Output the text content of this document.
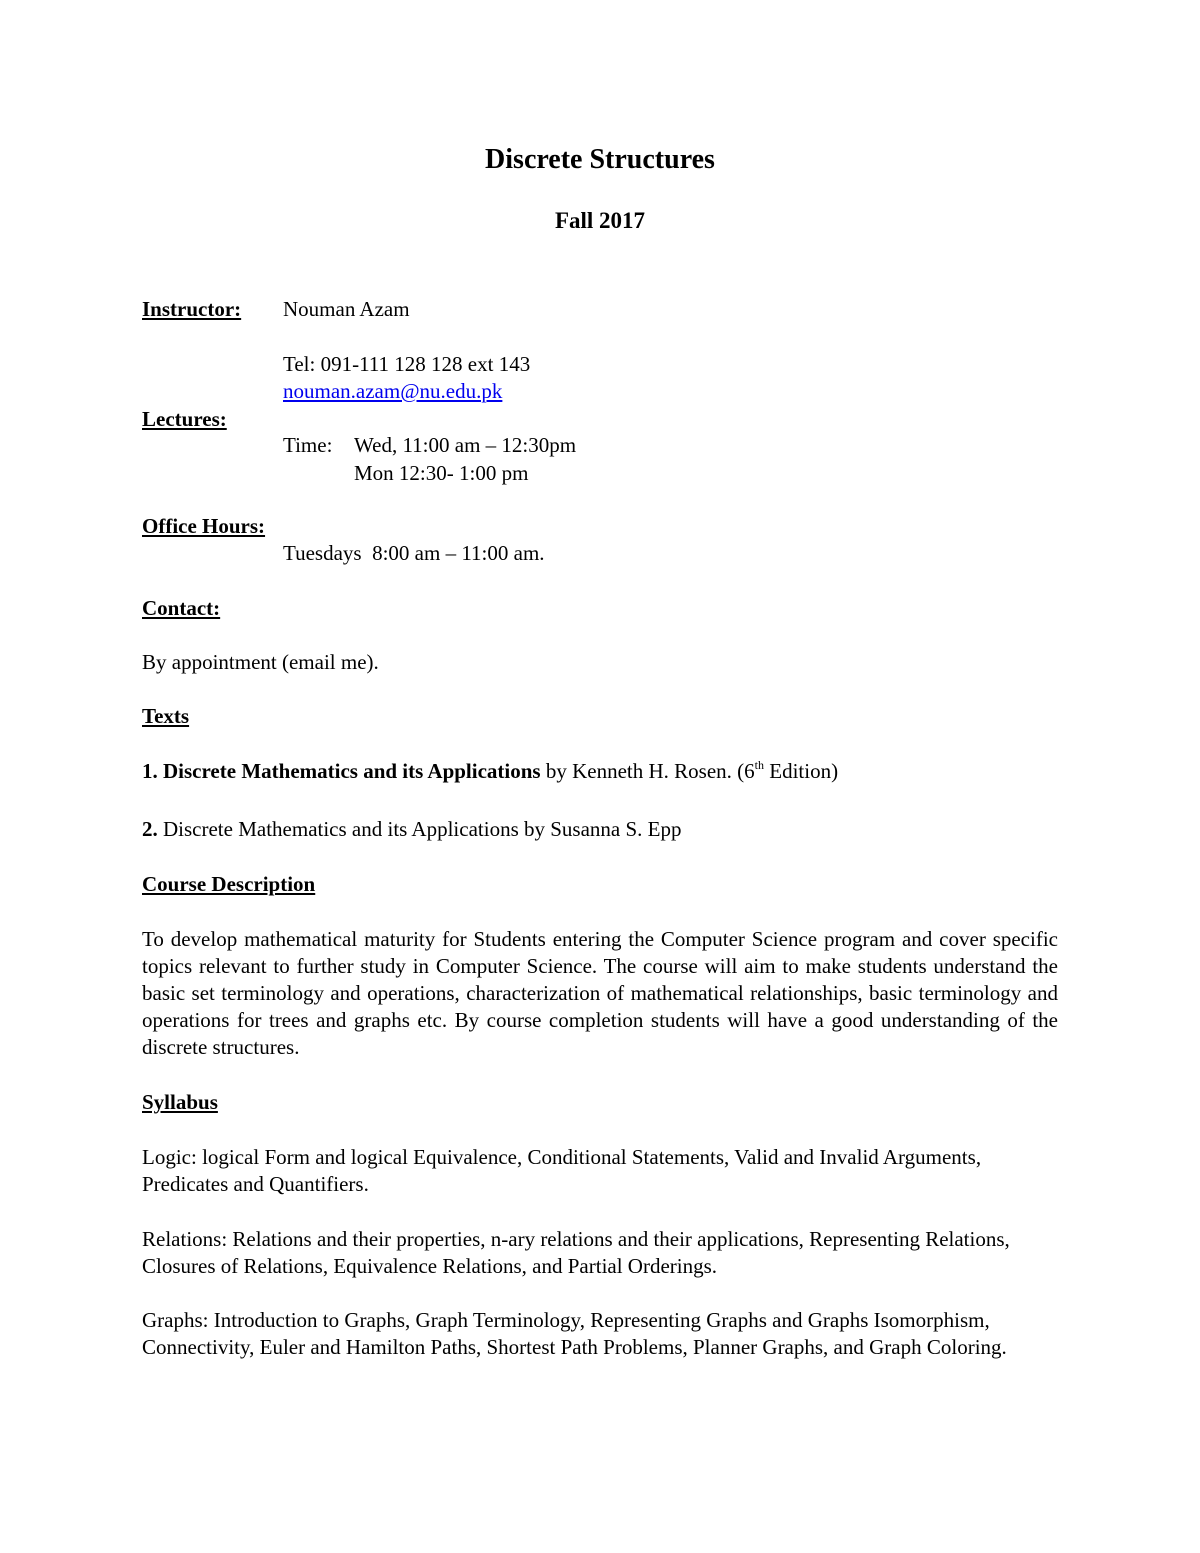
Discrete Structures
Fall 2017
Instructor: Nouman Azam
Tel: 091-111 128 128 ext 143
nouman.azam@nu.edu.pk
Lectures:
Time: Wed, 11:00 am – 12:30pm
Mon 12:30- 1:00 pm
Office Hours:
Tuesdays  8:00 am – 11:00 am.
Contact:
By appointment (email me).
Texts
1. Discrete Mathematics and its Applications by Kenneth H. Rosen. (6th Edition)
2. Discrete Mathematics and its Applications by Susanna S. Epp
Course Description
To develop mathematical maturity for Students entering the Computer Science program and cover specific topics relevant to further study in Computer Science. The course will aim to make students understand the basic set terminology and operations, characterization of mathematical relationships, basic terminology and operations for trees and graphs etc. By course completion students will have a good understanding of the discrete structures.
Syllabus
Logic: logical Form and logical Equivalence, Conditional Statements, Valid and Invalid Arguments, Predicates and Quantifiers.
Relations: Relations and their properties, n-ary relations and their applications, Representing Relations, Closures of Relations, Equivalence Relations, and Partial Orderings.
Graphs: Introduction to Graphs, Graph Terminology, Representing Graphs and Graphs Isomorphism, Connectivity, Euler and Hamilton Paths, Shortest Path Problems, Planner Graphs, and Graph Coloring.
